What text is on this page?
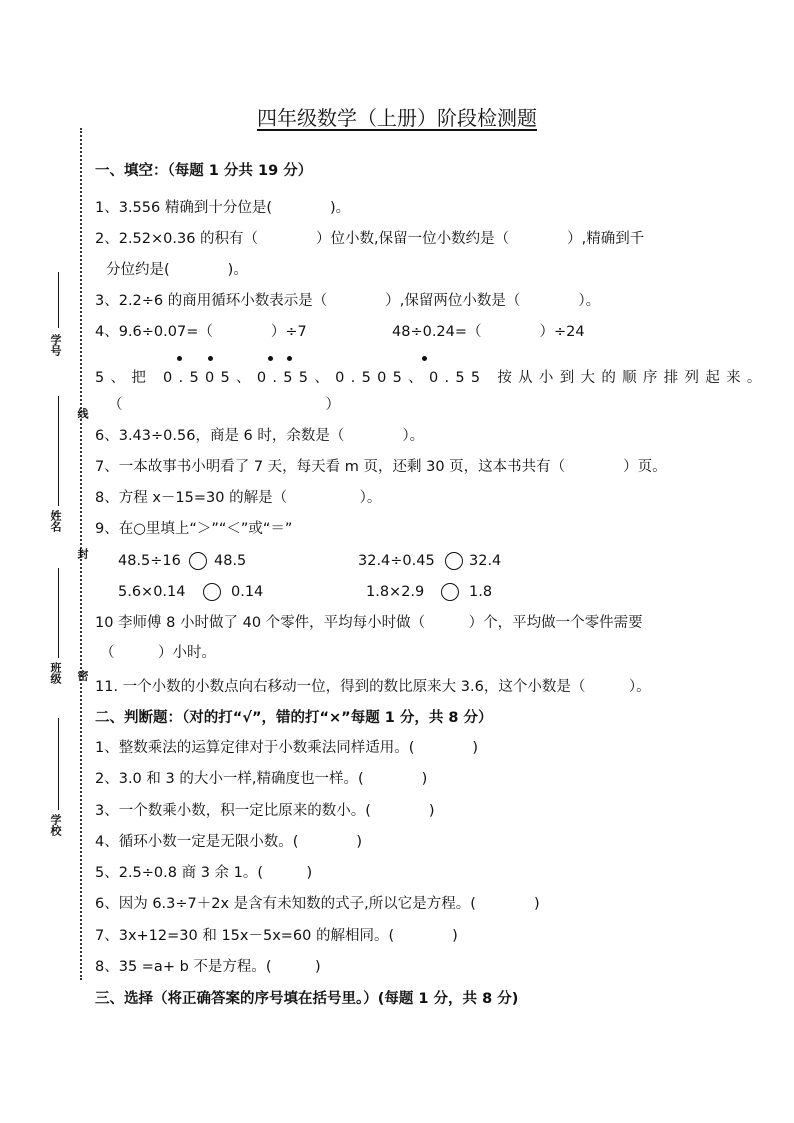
学号
姓名
班级
学校
线
封
密
四年级数学（上册）阶段检测题
一、填空：（每题 1 分共 19 分）
1、3.556 精确到十分位是(　　　　)。
2、2.52×0.36 的积有（　　　　）位小数,保留一位小数约是（　　　　）,精确到千
分位约是(　　　　)。
3、2.2÷6 的商用循环小数表示是（　　　　）,保留两位小数是（　　　　）。
4、9.6÷0.07=（　　　　）÷7	48÷0.24=（　　　　）÷24
5、把 0.505、0.55、0.505、0.55 按从小到大的顺序排列起来。
（　　　　　　　　　　　　　　）
6、3.43÷0.56，商是 6 时，余数是（　　　　）。
7、一本故事书小明看了 7 天，每天看 m 页，还剩 30 页，这本书共有（　　　　）页。
8、方程 x－15=30 的解是（　　　　　）。
9、在○里填上“＞”“＜”或“＝”
48.5÷16 48.5	32.4÷0.45 32.4
5.6×0.14	0.14	1.8×2.9	1.8
10 李师傅 8 小时做了 40 个零件，平均每小时做（　　　）个，平均做一个零件需要
（　　　）小时。
11. 一个小数的小数点向右移动一位，得到的数比原来大 3.6，这个小数是（　　　）。
二、判断题：（对的打“√”，错的打“×”每题 1 分，共 8 分）
1、整数乘法的运算定律对于小数乘法同样适用。(　　　　)
2、3.0 和 3 的大小一样,精确度也一样。(　　　　)
3、一个数乘小数，积一定比原来的数小。(　　　　)
4、循环小数一定是无限小数。(　　　　)
5、2.5÷0.8 商 3 余 1。(　　　)
6、因为 6.3÷7＋2x 是含有未知数的式子,所以它是方程。(　　　　)
7、3x+12=30 和 15x－5x=60 的解相同。(　　　　)
8、35 =a+ b 不是方程。(　　　)
三、选择（将正确答案的序号填在括号里。）(每题 1 分，共 8 分)
